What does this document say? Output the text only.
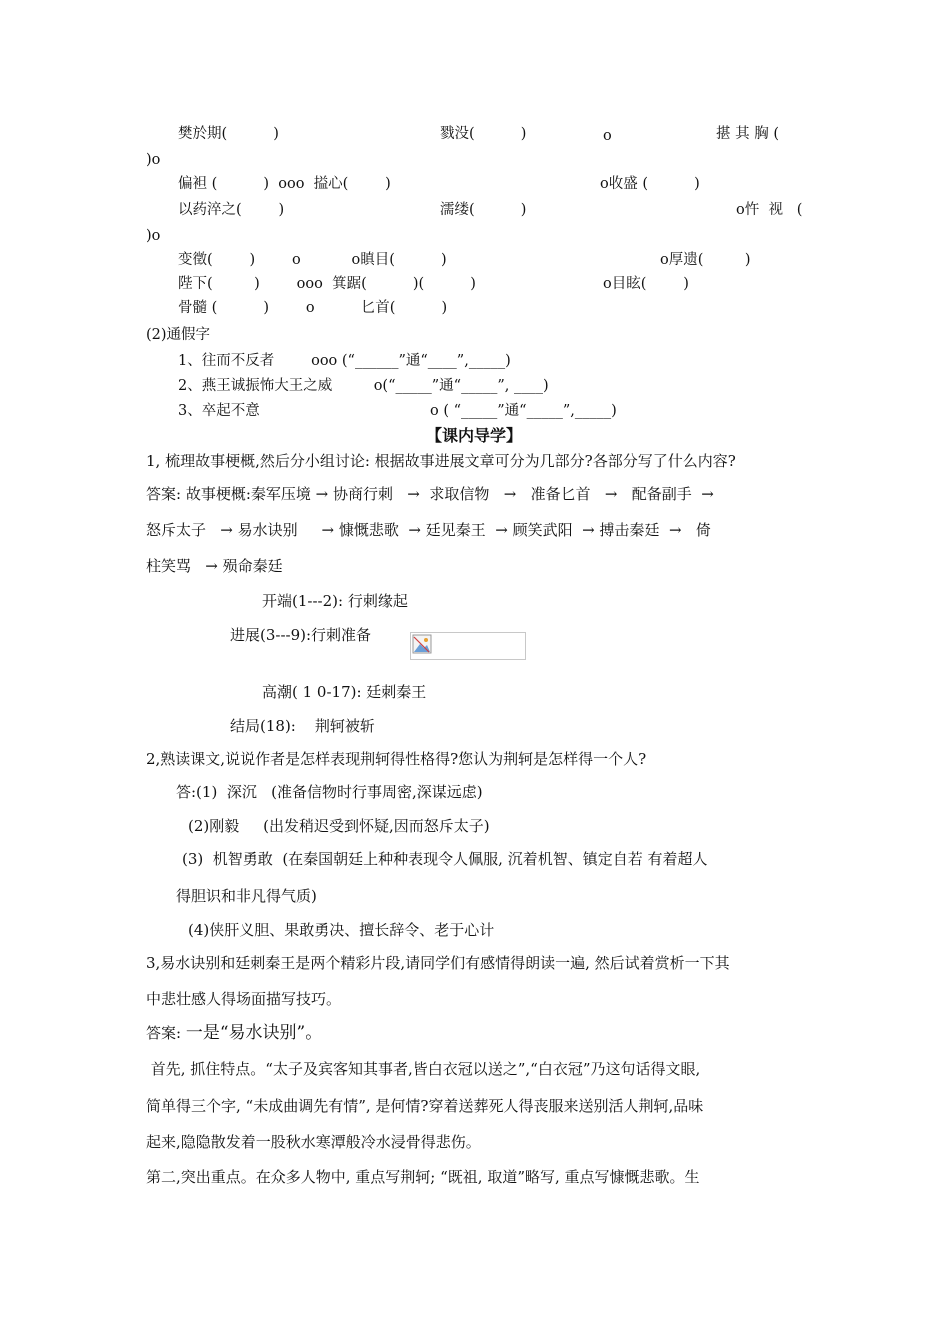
樊於期(          )	戮没(          )	ο	揕 其 胸 (
)ο
偏袒 (          )  οοο  搤心(        )	ο收盛 (          )
以药淬之(        )	濡缕(          )	ο忤  视   (
)ο
变徵(        )        ο           ο瞋目(          )	ο厚遗(         )
陛下(         )        οοο  箕踞(          )(          )	ο目眩(        )
骨髓 (          )        ο          匕首(          )
(2)通假字
1、往而不反者        οοο (“______”通“____”,_____)
2、燕王诚振怖大王之威         ο(“_____”通“_____”, ____)
3、卒起不意	ο ( “_____”通“_____”,_____)
【课内导学】
1, 梳理故事梗概,然后分小组讨论: 根据故事进展文章可分为几部分?各部分写了什么内容?
答案: 故事梗概:秦军压境 → 协商行刺   →  求取信物   →   准备匕首   →   配备副手  →
怒斥太子   → 易水诀别     → 慷慨悲歌  → 廷见秦王  → 顾笑武阳  → 搏击秦廷  →   倚
柱笑骂   → 殒命秦廷
开端(1---2): 行刺缘起
进展(3---9):行刺准备
高潮( 1 0-17): 廷刺秦王
结局(18):    荆轲被斩
2,熟读课文,说说作者是怎样表现荆轲得性格得?您认为荆轲是怎样得一个人?
答:(1)  深沉   (准备信物时行事周密,深谋远虑)
(2)刚毅     (出发稍迟受到怀疑,因而怒斥太子)
(3)  机智勇敢  (在秦国朝廷上种种表现令人佩服, 沉着机智、镇定自若 有着超人
得胆识和非凡得气质)
(4)侠肝义胆、果敢勇决、擅长辞令、老于心计
3,易水诀别和廷刺秦王是两个精彩片段,请同学们有感情得朗读一遍, 然后试着赏析一下其
中悲壮感人得场面描写技巧。
答案: 一是“易水诀别”。
首先, 抓住特点。“太子及宾客知其事者,皆白衣冠以送之”,“白衣冠”乃这句话得文眼,
简单得三个字, “未成曲调先有情”, 是何情?穿着送葬死人得丧服来送别活人荆轲,品味
起来,隐隐散发着一股秋水寒潭般冷水浸骨得悲伤。
第二,突出重点。在众多人物中, 重点写荆轲; “既祖, 取道”略写, 重点写慷慨悲歌。生
